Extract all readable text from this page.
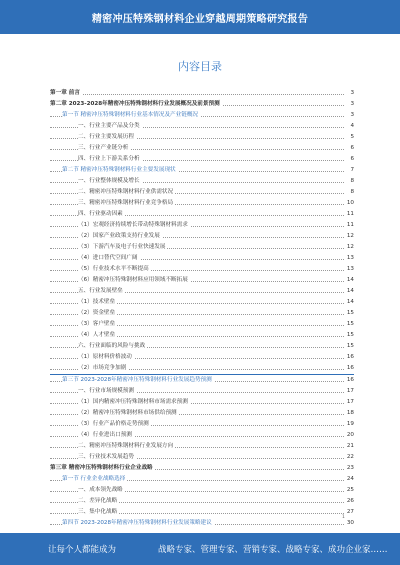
精密冲压特殊钢材料企业穿越周期策略研究报告
内容目录
第一章 前言	3
第二章 2023-2028年精密冲压特殊钢材料行业发展概况及前景预测	3
第一节 精密冲压特殊钢材料行业基本情况及产业链概况	3
一、行业主要产品及分类	4
二、行业主要发展历程	5
三、行业产业链分析	6
四、行业上下游关系分析	6
第二节 精密冲压特殊钢材料行业主要发展现状	7
一、行业整体规模及增长	8
二、精密冲压特殊钢材料行业供需状况	8
三、精密冲压特殊钢材料行业竞争格局	10
四、行业驱动因素	11
（1）宏观经济持续增长带动特殊钢材料需求	11
（2）国家产业政策支持行业发展	12
（3）下游汽车及电子行业快速发展	12
（4）进口替代空间广阔	13
（5）行业技术水平不断提高	13
（6）精密冲压特殊钢材料应用领域不断拓展	14
五、行业发展壁垒	14
（1）技术壁垒	14
（2）资金壁垒	15
（3）客户壁垒	15
（4）人才壁垒	15
六、行业面临的风险与挑战	15
（1）原材料价格波动	16
（2）市场竞争加剧	16
第三节 2023-2028年精密冲压特殊钢材料行业发展趋势预测	16
一、行业市场规模预测	17
（1）国内精密冲压特殊钢材料市场需求预测	17
（2）精密冲压特殊钢材料市场供给预测	18
（3）行业产品价格走势预测	19
（4）行业进出口预测	20
二、精密冲压特殊钢材料行业发展方向	21
三、行业技术发展趋势	22
第三章 精密冲压特殊钢材料行业企业战略	23
第一节 行业企业战略选择	24
一、成本领先战略	25
二、差异化战略	26
三、集中化战略	27
第四节 2023-2028年精密冲压特殊钢材料行业发展策略建议	30
1
让每个人都能成为	战略专家、管理专家、营销专家、战略专家、成功企业家……
